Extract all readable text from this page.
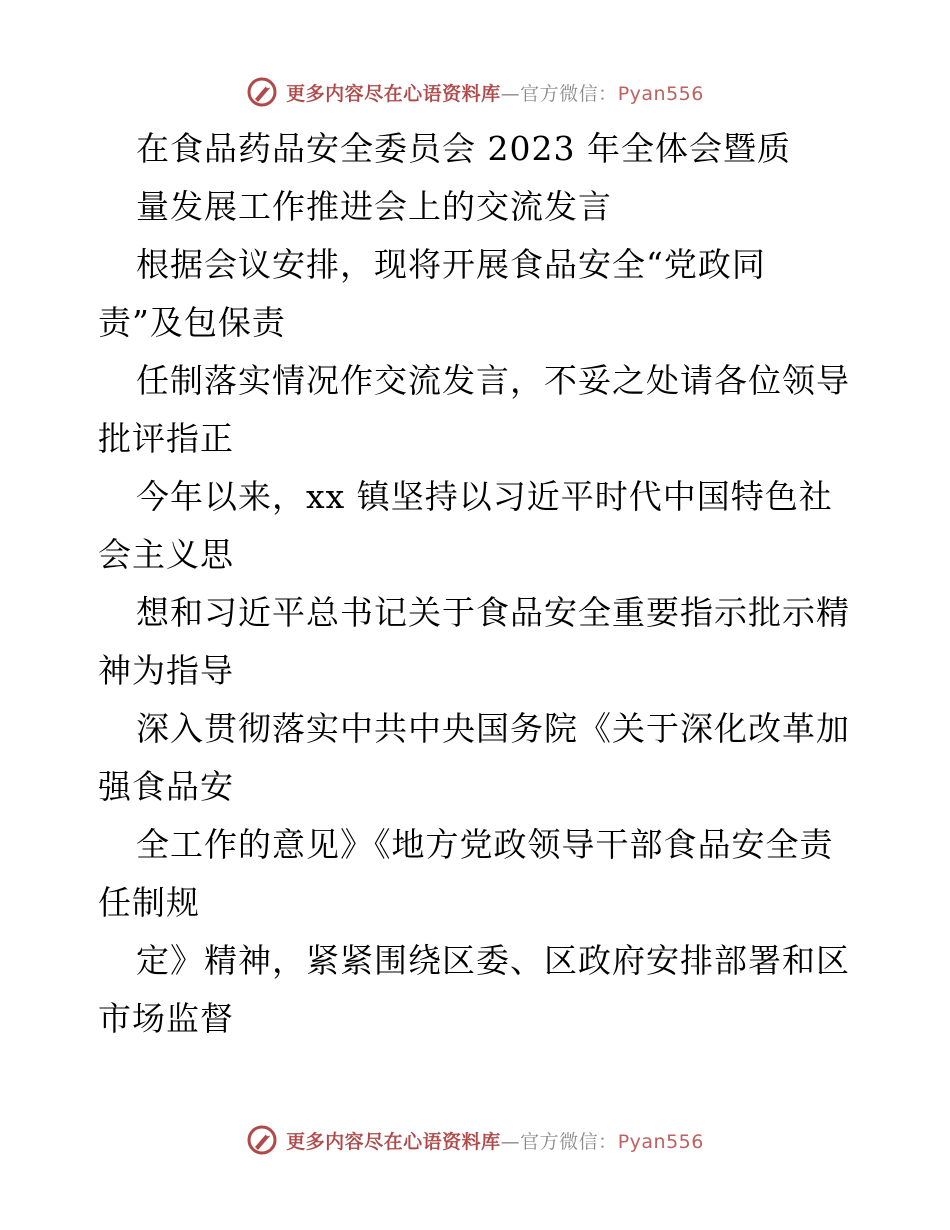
更多内容尽在心语资料库—官方微信：Pyan556
在食品药品安全委员会 2023 年全体会暨质
量发展工作推进会上的交流发言
根据会议安排，现将开展食品安全“党政同
责”及包保责
任制落实情况作交流发言，不妥之处请各位领导
批评指正
今年以来，xx 镇坚持以习近平时代中国特色社
会主义思
想和习近平总书记关于食品安全重要指示批示精
神为指导
深入贯彻落实中共中央国务院《关于深化改革加
强食品安
全工作的意见》《地方党政领导干部食品安全责
任制规
定》精神，紧紧围绕区委、区政府安排部署和区
市场监督
更多内容尽在心语资料库—官方微信：Pyan556
